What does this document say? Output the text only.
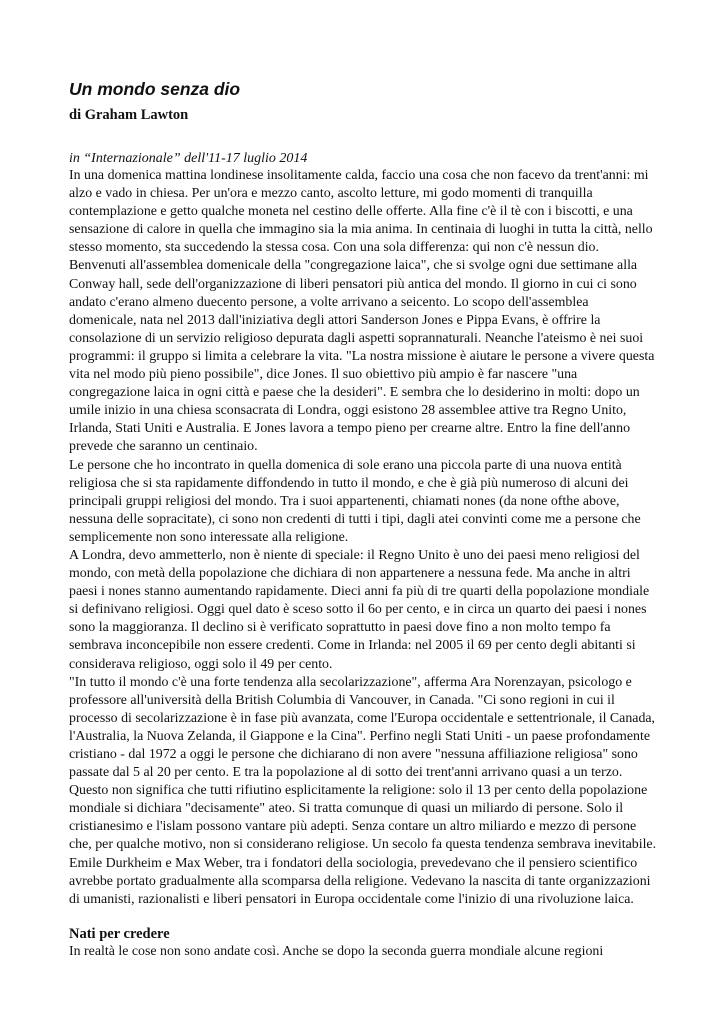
Un mondo senza dio

di Graham Lawton

in “Internazionale” dell'11-17 luglio 2014

In una domenica mattina londinese insolitamente calda, faccio una cosa che non facevo da trent'anni: mi alzo e vado in chiesa. Per un'ora e mezzo canto, ascolto letture, mi godo momenti di tranquilla contemplazione e getto qualche moneta nel cestino delle offerte. Alla fine c'è il tè con i biscotti, e una sensazione di calore in quella che immagino sia la mia anima. In centinaia di luoghi in tutta la città, nello stesso momento, sta succedendo la stessa cosa. Con una sola differenza: qui non c'è nessun dio. Benvenuti all'assemblea domenicale della "congregazione laica", che si svolge ogni due settimane alla Conway hall, sede dell'organizzazione di liberi pensatori più antica del mondo. Il giorno in cui ci sono andato c'erano almeno duecento persone, a volte arrivano a seicento. Lo scopo dell'assemblea domenicale, nata nel 2013 dall'iniziativa degli attori Sanderson Jones e Pippa Evans, è offrire la consolazione di un servizio religioso depurata dagli aspetti soprannaturali. Neanche l'ateismo è nei suoi programmi: il gruppo si limita a celebrare la vita. "La nostra missione è aiutare le persone a vivere questa vita nel modo più pieno possibile", dice Jones. Il suo obiettivo più ampio è far nascere "una congregazione laica in ogni città e paese che la desideri". E sembra che lo desiderino in molti: dopo un umile inizio in una chiesa sconsacrata di Londra, oggi esistono 28 assemblee attive tra Regno Unito, Irlanda, Stati Uniti e Australia. E Jones lavora a tempo pieno per crearne altre. Entro la fine dell'anno prevede che saranno un centinaio.

Le persone che ho incontrato in quella domenica di sole erano una piccola parte di una nuova entità religiosa che si sta rapidamente diffondendo in tutto il mondo, e che è già più numeroso di alcuni dei principali gruppi religiosi del mondo. Tra i suoi appartenenti, chiamati nones (da none ofthe above, nessuna delle sopracitate), ci sono non credenti di tutti i tipi, dagli atei convinti come me a persone che semplicemente non sono interessate alla religione.

A Londra, devo ammetterlo, non è niente di speciale: il Regno Unito è uno dei paesi meno religiosi del mondo, con metà della popolazione che dichiara di non appartenere a nessuna fede. Ma anche in altri paesi i nones stanno aumentando rapidamente. Dieci anni fa più di tre quarti della popolazione mondiale si definivano religiosi. Oggi quel dato è sceso sotto il 6o per cento, e in circa un quarto dei paesi i nones sono la maggioranza. Il declino si è verificato soprattutto in paesi dove fino a non molto tempo fa sembrava inconcepibile non essere credenti. Come in Irlanda: nel 2005 il 69 per cento degli abitanti si considerava religioso, oggi solo il 49 per cento.

"In tutto il mondo c'è una forte tendenza alla secolarizzazione", afferma Ara Norenzayan, psicologo e professore all'università della British Columbia di Vancouver, in Canada. "Ci sono regioni in cui il processo di secolarizzazione è in fase più avanzata, come l'Europa occidentale e settentrionale, il Canada, l'Australia, la Nuova Zelanda, il Giappone e la Cina". Perfino negli Stati Uniti - un paese profondamente cristiano - dal 1972 a oggi le persone che dichiarano di non avere "nessuna affiliazione religiosa" sono passate dal 5 al 20 per cento. E tra la popolazione al di sotto dei trent'anni arrivano quasi a un terzo.

Questo non significa che tutti rifiutino esplicitamente la religione: solo il 13 per cento della popolazione mondiale si dichiara "decisamente" ateo. Si tratta comunque di quasi un miliardo di persone. Solo il cristianesimo e l'islam possono vantare più adepti. Senza contare un altro miliardo e mezzo di persone che, per qualche motivo, non si considerano religiose. Un secolo fa questa tendenza sembrava inevitabile. Emile Durkheim e Max Weber, tra i fondatori della sociologia, prevedevano che il pensiero scientifico avrebbe portato gradualmente alla scomparsa della religione. Vedevano la nascita di tante organizzazioni di umanisti, razionalisti e liberi pensatori in Europa occidentale come l'inizio di una rivoluzione laica.

Nati per credere

In realtà le cose non sono andate così. Anche se dopo la seconda guerra mondiale alcune regioni
